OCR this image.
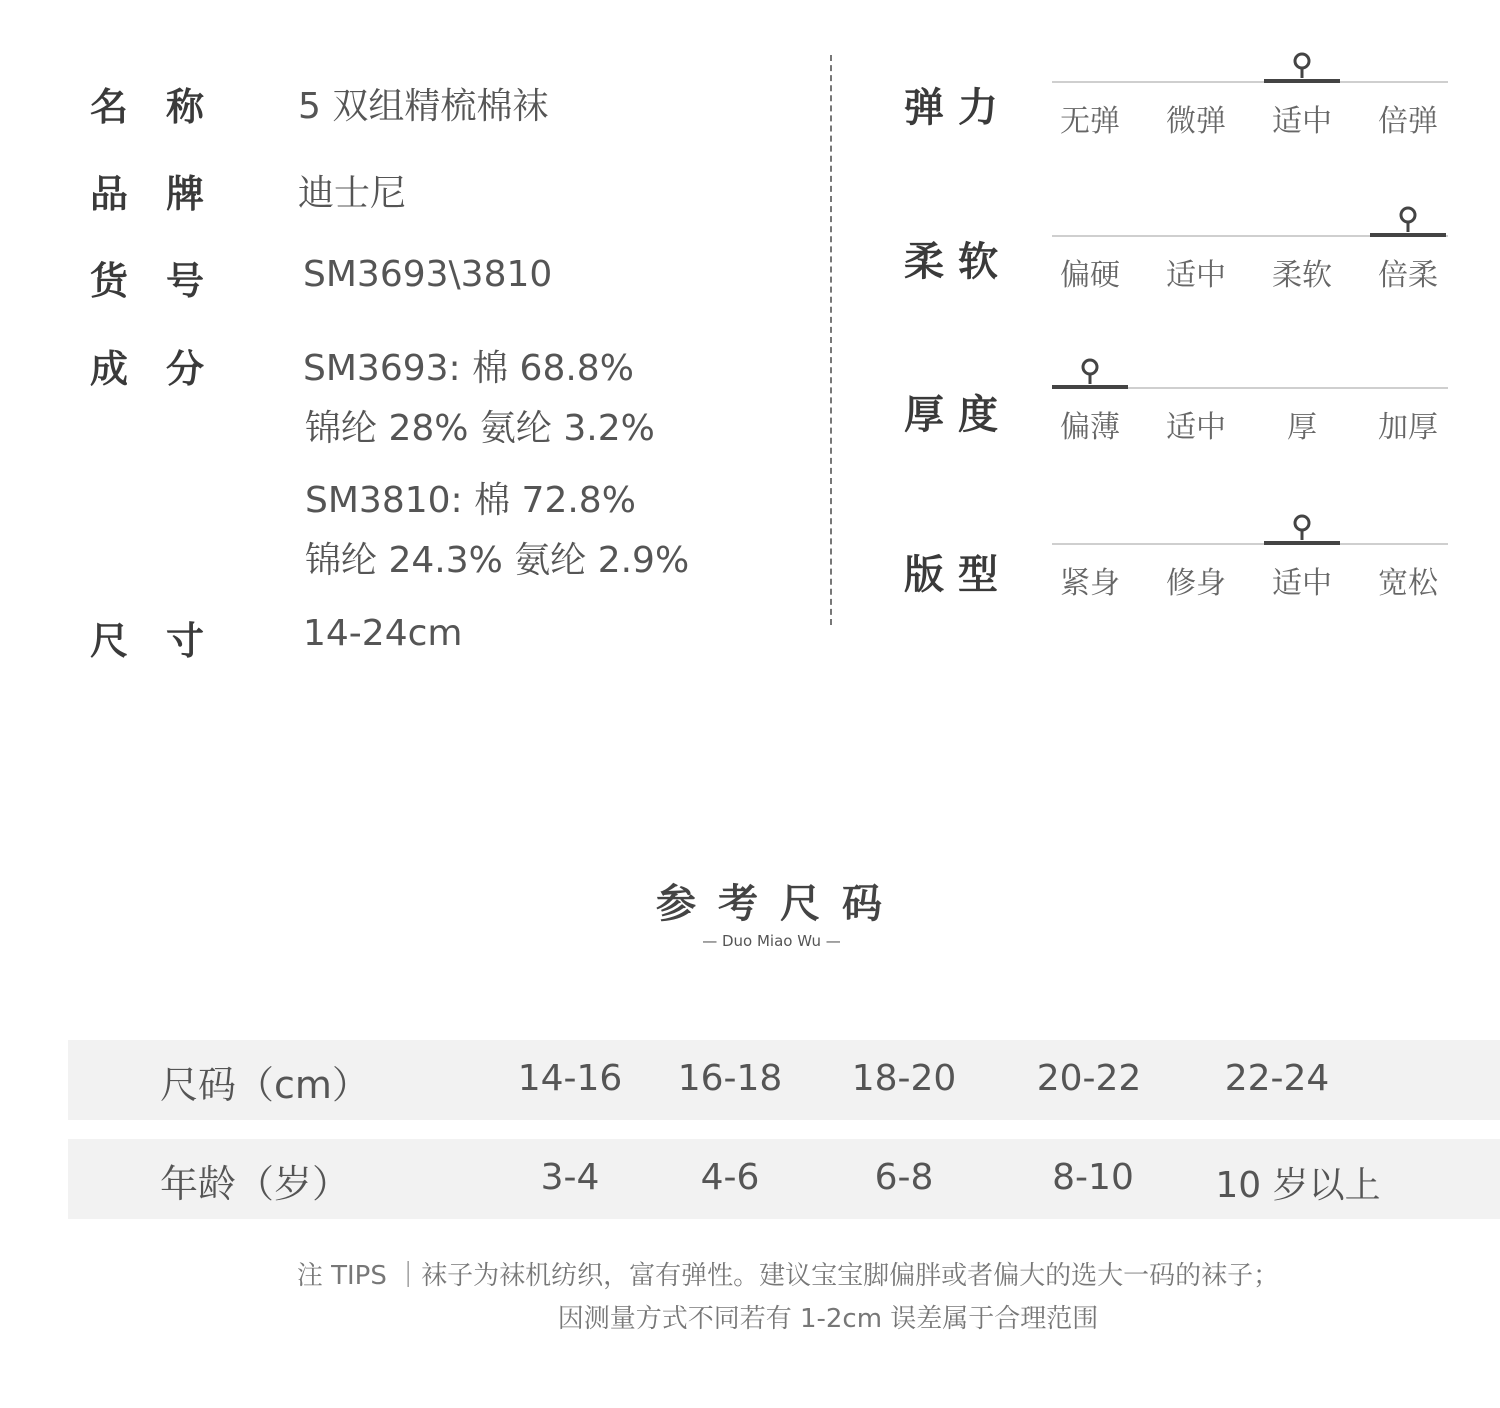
名　称	5 双组精梳棉袜
品　牌	迪士尼
货　号	SM3693\3810
成　分	SM3693: 棉 68.8%
锦纶 28% 氨纶 3.2%
SM3810: 棉 72.8%
锦纶 24.3% 氨纶 2.9%
尺　寸	14-24cm
弹力	无弹	微弹	适中	倍弹
柔软	偏硬	适中	柔软	倍柔
厚度	偏薄	适中	厚	加厚
版型	紧身	修身	适中	宽松
参考尺码
— Duo Miao Wu —
尺码（cm）	14-16 16-18 18-20 20-22 22-24
年龄（岁）	3-4	4-6	6-8	8-10 10 岁以上
注 TIPS ｜袜子为袜机纺织，富有弹性。建议宝宝脚偏胖或者偏大的选大一码的袜子；
因测量方式不同若有 1-2cm 误差属于合理范围
